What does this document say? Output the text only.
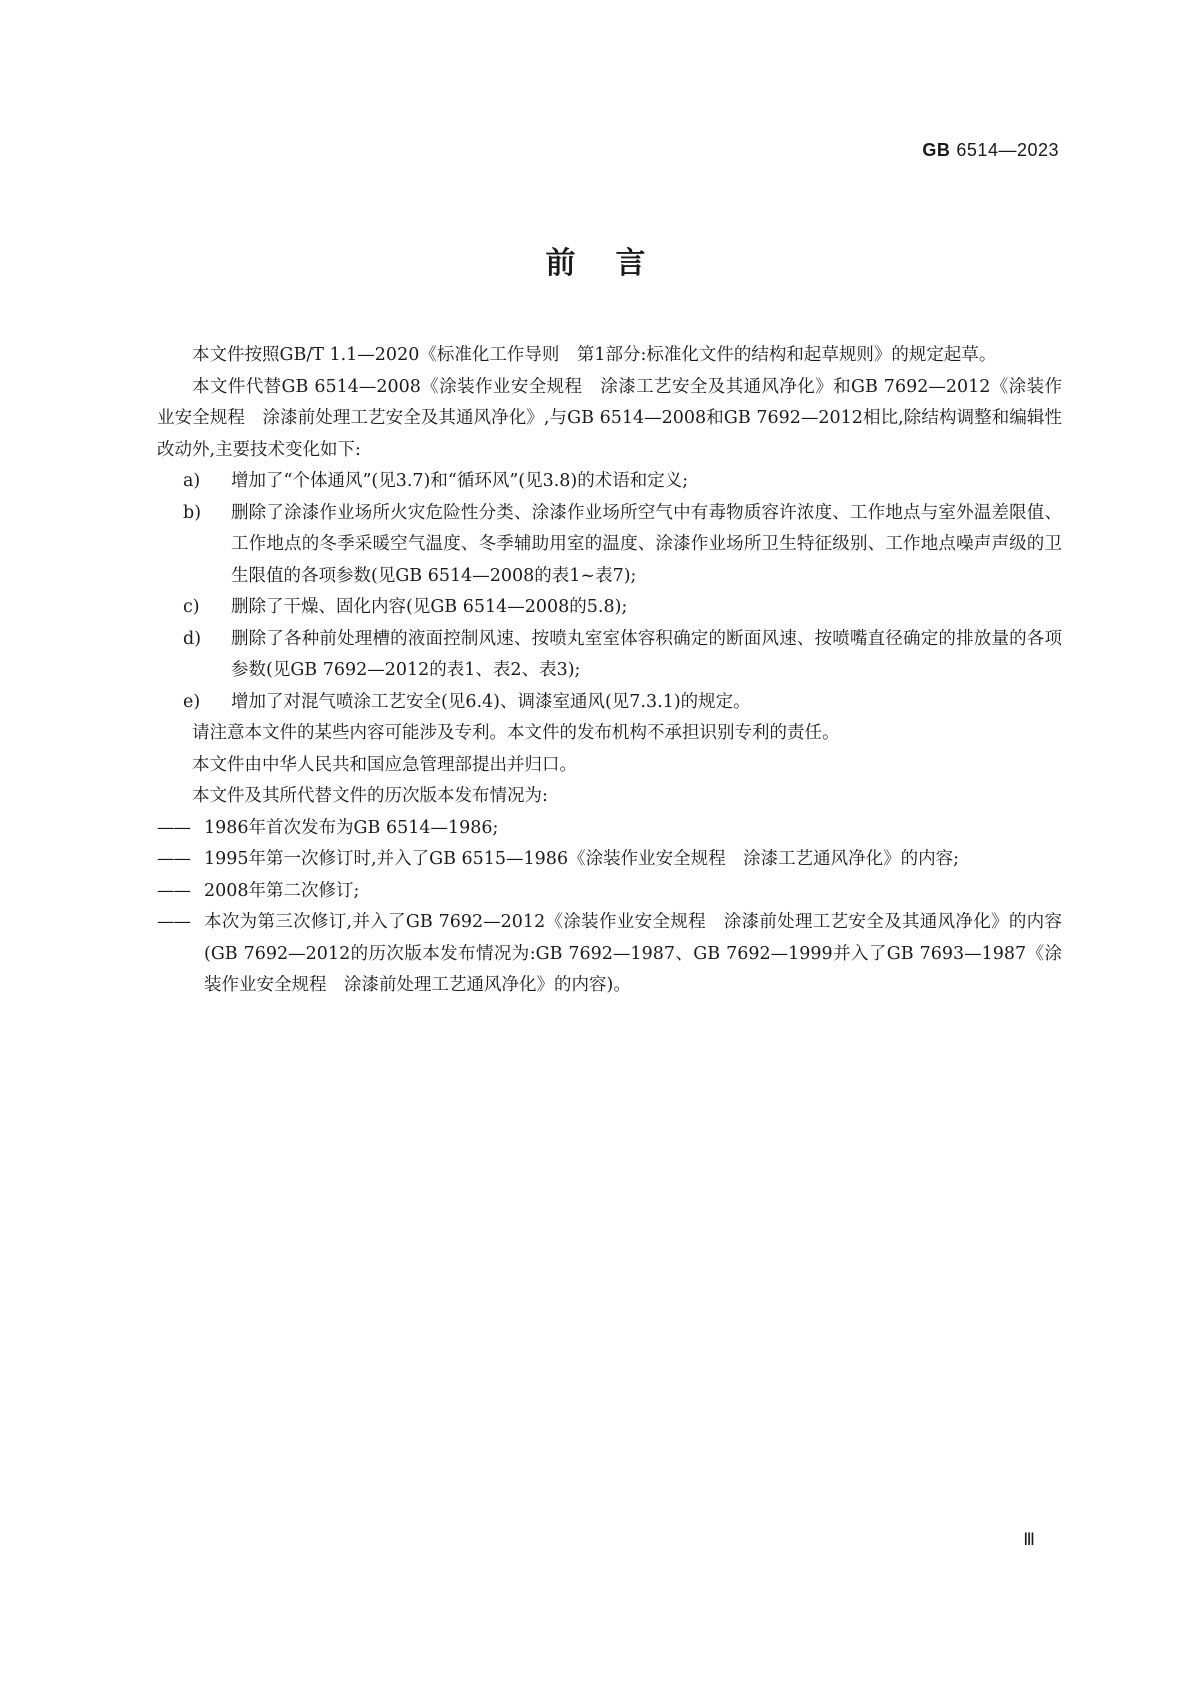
GB 6514—2023
前言

本文件按照GB/T 1.1—2020《标准化工作导则　第1部分:标准化文件的结构和起草规则》的规定起草。

本文件代替GB 6514—2008《涂装作业安全规程　涂漆工艺安全及其通风净化》和GB 7692—2012《涂装作业安全规程　涂漆前处理工艺安全及其通风净化》,与GB 6514—2008和GB 7692—2012相比,除结构调整和编辑性改动外,主要技术变化如下:

a)	增加了“个体通风”(见3.7)和“循环风”(见3.8)的术语和定义;
b)	删除了涂漆作业场所火灾危险性分类、涂漆作业场所空气中有毒物质容许浓度、工作地点与室外温差限值、工作地点的冬季采暖空气温度、冬季辅助用室的温度、涂漆作业场所卫生特征级别、工作地点噪声声级的卫生限值的各项参数(见GB 6514—2008的表1~表7);
c)	删除了干燥、固化内容(见GB 6514—2008的5.8);
d)	删除了各种前处理槽的液面控制风速、按喷丸室室体容积确定的断面风速、按喷嘴直径确定的排放量的各项参数(见GB 7692—2012的表1、表2、表3);
e)	增加了对混气喷涂工艺安全(见6.4)、调漆室通风(见7.3.1)的规定。

请注意本文件的某些内容可能涉及专利。本文件的发布机构不承担识别专利的责任。

本文件由中华人民共和国应急管理部提出并归口。

本文件及其所代替文件的历次版本发布情况为:

—— 1986年首次发布为GB 6514—1986;
—— 1995年第一次修订时,并入了GB 6515—1986《涂装作业安全规程　涂漆工艺通风净化》的内容;
—— 2008年第二次修订;
—— 本次为第三次修订,并入了GB 7692—2012《涂装作业安全规程　涂漆前处理工艺安全及其通风净化》的内容(GB 7692—2012的历次版本发布情况为:GB 7692—1987、GB 7692—1999并入了GB 7693—1987《涂装作业安全规程　涂漆前处理工艺通风净化》的内容)。
Ⅲ
